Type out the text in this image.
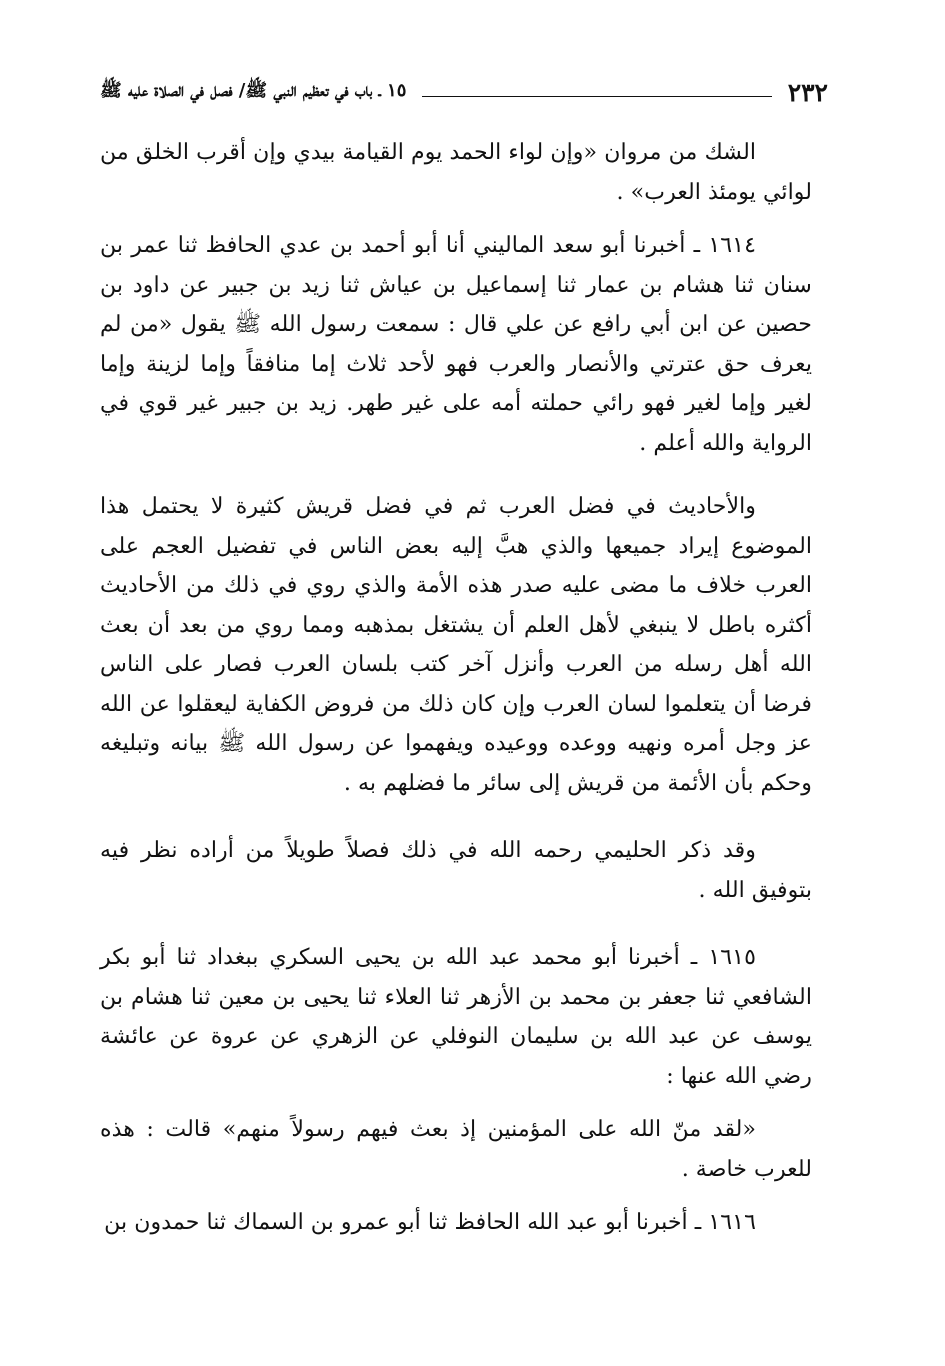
٢٣٢
١٥ ـ باب في تعظيم النبي ﷺ/ فصل في الصلاة عليه ﷺ

الشك من مروان «وإن لواء الحمد يوم القيامة بيدي وإن أقرب الخلق من لوائي يومئذ العرب» .

١٦١٤ ـ أخبرنا أبو سعد الماليني أنا أبو أحمد بن عدي الحافظ ثنا عمر بن سنان ثنا هشام بن عمار ثنا إسماعيل بن عياش ثنا زيد بن جبير عن داود بن حصين عن ابن أبي رافع عن علي قال : سمعت رسول الله ﷺ يقول «من لم يعرف حق عترتي والأنصار والعرب فهو لأحد ثلاث إما منافقاً وإما لزينة وإما لغير وإما لغير فهو رائي حملته أمه على غير طهر. زيد بن جبير غير قوي في الرواية والله أعلم .

والأحاديث في فضل العرب ثم في فضل قريش كثيرة لا يحتمل هذا الموضوع إيراد جميعها والذي هبَّ إليه بعض الناس في تفضيل العجم على العرب خلاف ما مضى عليه صدر هذه الأمة والذي روي في ذلك من الأحاديث أكثره باطل لا ينبغي لأهل العلم أن يشتغل بمذهبه ومما روي من بعد أن بعث الله أهل رسله من العرب وأنزل آخر كتب بلسان العرب فصار على الناس فرضا أن يتعلموا لسان العرب وإن كان ذلك من فروض الكفاية ليعقلوا عن الله عز وجل أمره ونهيه ووعده ووعيده ويفهموا عن رسول الله ﷺ بيانه وتبليغه وحكم بأن الأئمة من قريش إلى سائر ما فضلهم به .

وقد ذكر الحليمي رحمه الله في ذلك فصلاً طويلاً من أراده نظر فيه بتوفيق الله .

١٦١٥ ـ أخبرنا أبو محمد عبد الله بن يحيى السكري ببغداد ثنا أبو بكر الشافعي ثنا جعفر بن محمد بن الأزهر ثنا العلاء ثنا يحيى بن معين ثنا هشام بن يوسف عن عبد الله بن سليمان النوفلي عن الزهري عن عروة عن عائشة رضي الله عنها :

«لقد منّ الله على المؤمنين إذ بعث فيهم رسولاً منهم» قالت : هذه للعرب خاصة .

١٦١٦ ـ أخبرنا أبو عبد الله الحافظ ثنا أبو عمرو بن السماك ثنا حمدون بن
